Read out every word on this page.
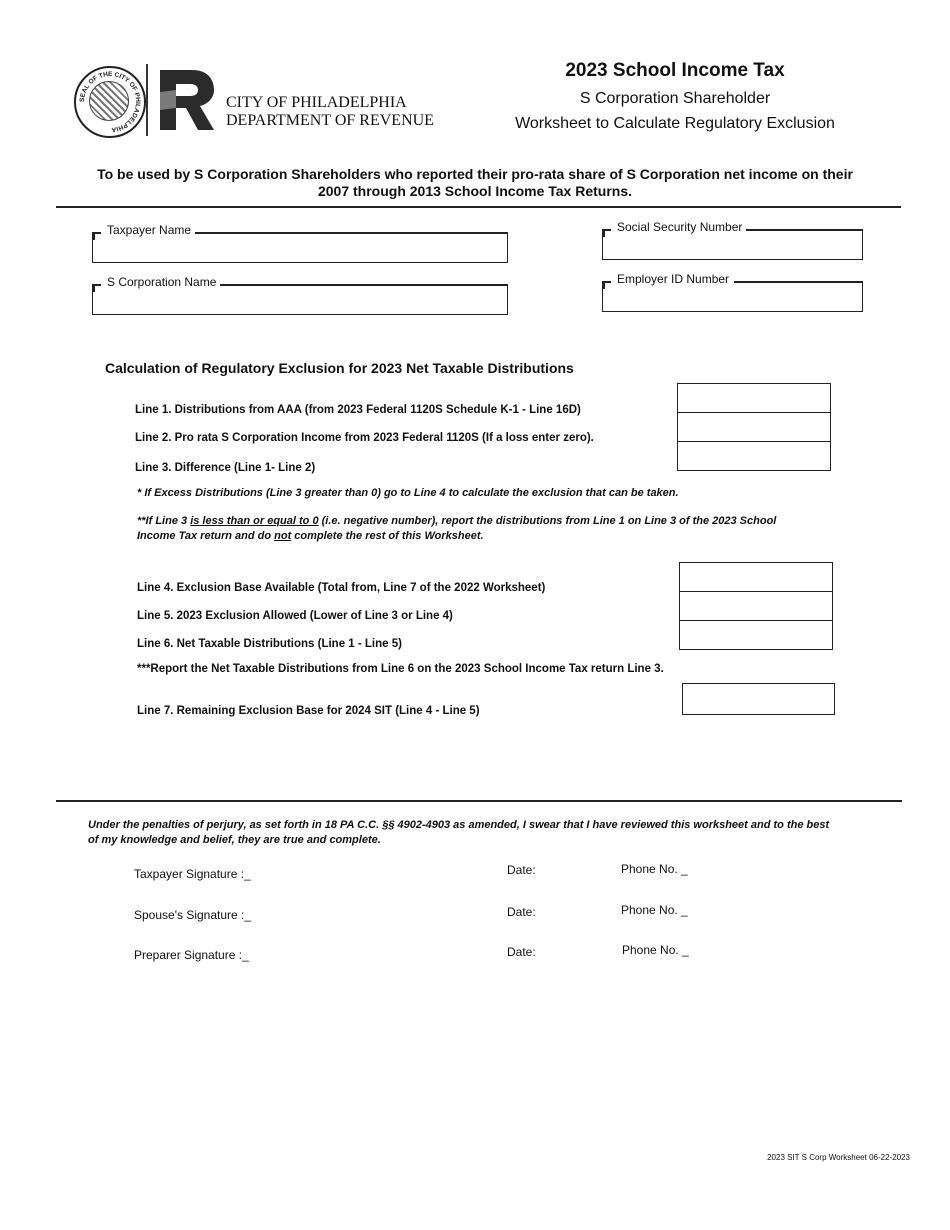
SEAL OF THE CITY OF PHILADELPHIA
CITY OF PHILADELPHIA
DEPARTMENT OF REVENUE
2023 School Income Tax
S Corporation Shareholder
Worksheet to Calculate Regulatory Exclusion
To be used by S Corporation Shareholders who reported their pro-rata share of S Corporation net income on their
2007 through 2013 School Income Tax Returns.
Taxpayer Name	Social Security Number
S Corporation Name	Employer ID Number
Calculation of Regulatory Exclusion for 2023 Net Taxable Distributions
Line 1. Distributions from AAA (from 2023 Federal 1120S Schedule K-1 - Line 16D)
Line 2. Pro rata S Corporation Income from 2023 Federal 1120S (If a loss enter zero).
Line 3. Difference (Line 1- Line 2)
* If Excess Distributions (Line 3 greater than 0) go to Line 4 to calculate the exclusion that can be taken.
**If Line 3 is less than or equal to 0 (i.e. negative number), report the distributions from Line 1 on Line 3 of the 2023 School
Income Tax return and do not complete the rest of this Worksheet.
Line 4. Exclusion Base Available (Total from, Line 7 of the 2022 Worksheet)
Line 5. 2023 Exclusion Allowed (Lower of Line 3 or Line 4)
Line 6. Net Taxable Distributions (Line 1 - Line 5)
***Report the Net Taxable Distributions from Line 6 on the 2023 School Income Tax return Line 3.
Line 7. Remaining Exclusion Base for 2024 SIT (Line 4 - Line 5)
Under the penalties of perjury, as set forth in 18 PA C.C. §§ 4902-4903 as amended, I swear that I have reviewed this worksheet and to the best
of my knowledge and belief, they are true and complete.
Taxpayer Signature :_	Date:	Phone No. _
Spouse's Signature :_	Date:	Phone No. _
Preparer Signature :_	Date:	Phone No. _
2023 SIT S Corp Worksheet 06-22-2023
